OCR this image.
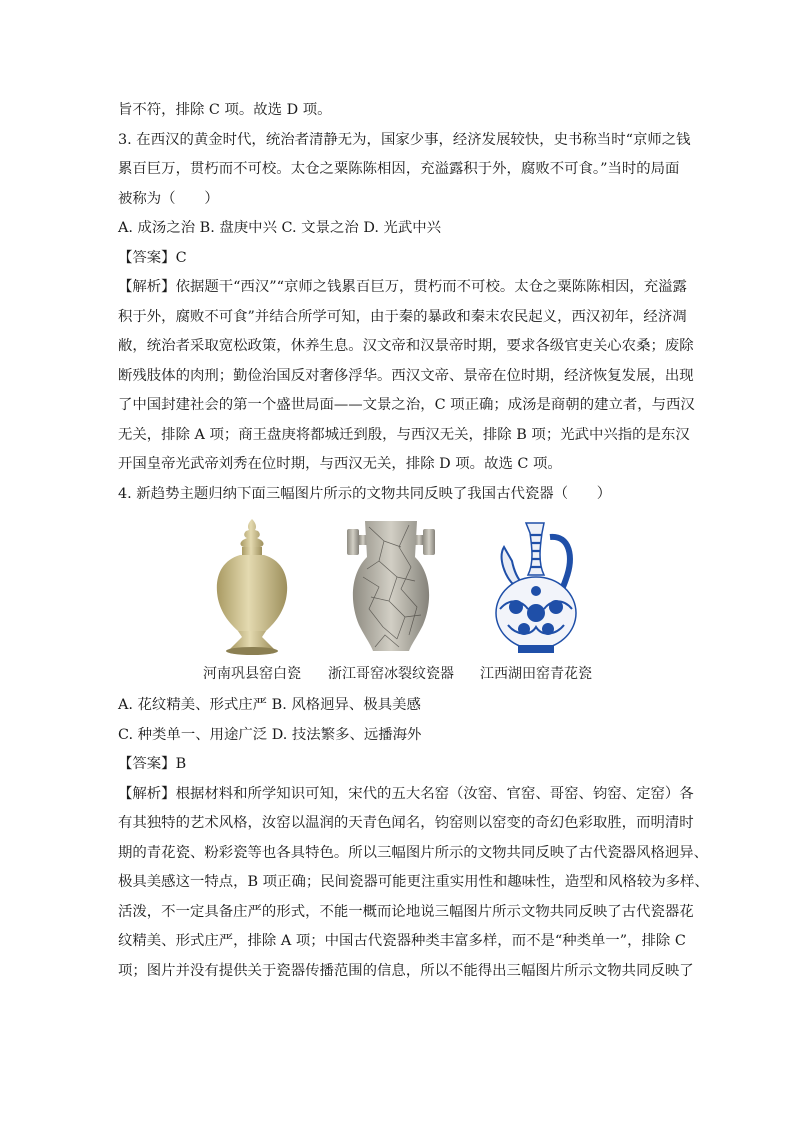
旨不符，排除 C 项。故选 D 项。
3. 在西汉的黄金时代，统治者清静无为，国家少事，经济发展较快，史书称当时“京师之钱
累百巨万，贯朽而不可校。太仓之粟陈陈相因，充溢露积于外，腐败不可食。”当时的局面
被称为（　　）
A. 成汤之治 B. 盘庚中兴 C. 文景之治 D. 光武中兴
【答案】C
【解析】依据题干“西汉”“京师之钱累百巨万，贯朽而不可校。太仓之粟陈陈相因，充溢露
积于外，腐败不可食”并结合所学可知，由于秦的暴政和秦末农民起义，西汉初年，经济凋
敝，统治者采取宽松政策，休养生息。汉文帝和汉景帝时期，要求各级官吏关心农桑；废除
断残肢体的肉刑；勤俭治国反对奢侈浮华。西汉文帝、景帝在位时期，经济恢复发展，出现
了中国封建社会的第一个盛世局面——文景之治，C 项正确；成汤是商朝的建立者，与西汉
无关，排除 A 项；商王盘庚将都城迁到殷，与西汉无关，排除 B 项；光武中兴指的是东汉
开国皇帝光武帝刘秀在位时期，与西汉无关，排除 D 项。故选 C 项。
4. 新趋势主题归纳下面三幅图片所示的文物共同反映了我国古代瓷器（　　）
河南巩县窑白瓷 浙江哥窑冰裂纹瓷器 江西湖田窑青花瓷
A. 花纹精美、形式庄严 B. 风格迥异、极具美感
C. 种类单一、用途广泛 D. 技法繁多、远播海外
【答案】B
【解析】根据材料和所学知识可知，宋代的五大名窑（汝窑、官窑、哥窑、钧窑、定窑）各
有其独特的艺术风格，汝窑以温润的天青色闻名，钧窑则以窑变的奇幻色彩取胜，而明清时
期的青花瓷、粉彩瓷等也各具特色。所以三幅图片所示的文物共同反映了古代瓷器风格迥异、
极具美感这一特点，B 项正确；民间瓷器可能更注重实用性和趣味性，造型和风格较为多样、
活泼，不一定具备庄严的形式，不能一概而论地说三幅图片所示文物共同反映了古代瓷器花
纹精美、形式庄严，排除 A 项；中国古代瓷器种类丰富多样，而不是“种类单一”，排除 C
项；图片并没有提供关于瓷器传播范围的信息，所以不能得出三幅图片所示文物共同反映了
